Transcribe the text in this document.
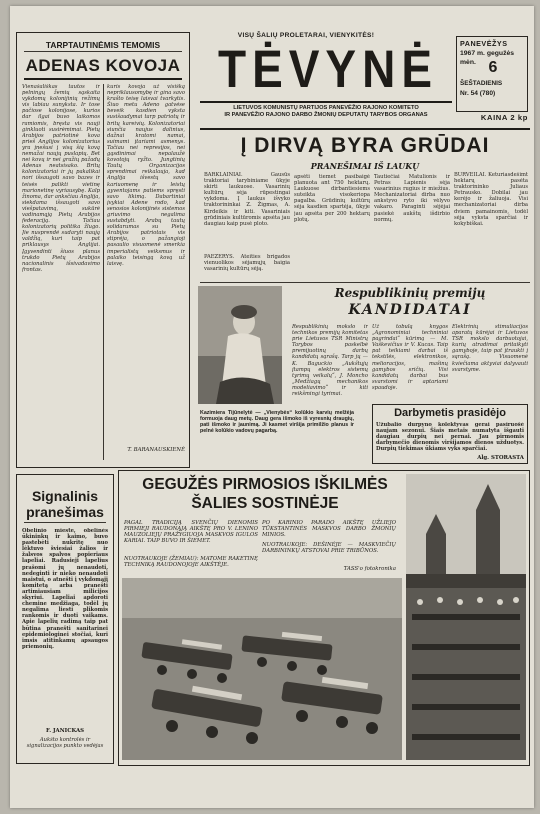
TARPTAUTINĖMIS TEMOMIS
ADENAS KOVOJA
Vienašališkas tautos ir pelningų žemių sąskaita vykdomų kolonijinių režimų vis labiau sunyksta. Ir tose pačiose kolonijose, kurios dar ilgai buvo laikomos ramiomis, bręsta vis nauji ginkluoti susirėmimai. Pietų Arabijos patriotinė kova prieš Anglijos kolonizatorius yra įnešusi į visą šią kovą nemažai naujų puslapių. Bet nei kovų ir nei gražių pažadų Adenas neatsisako. Britų kolonizatoriai ir jų pakalikai nori išsaugoti savo bazes ir teisės palikti vietinę marionetinę vyriausybę. Kalp žinoma, dar anksčiau Anglija, siekdama išsaugoti savo viešpatavimą, sukūrė vadinamąją Pietų Arabijos federaciją. Tačiau kolonizatorių politika žlugo. Jie nusprendė sudaryti naują valdžią, kuri taip pat priklausys Anglijai. Įgyvendinti šiuos planus trukdo Pietų Arabijos nacionalinis išsivadavimo frontas.
kuris kovoja už visišką nepriklausomybę ir gina savo krašto teisę laisvai tvarkytis. Šiuo metu Adeno gatvėse beveik kasdien vyksta susišaudymai tarp patriotų ir britų kareivių. Kolonizatoriai siunčia naujus dalinius, dažnai kratomi namai, suimami įtariami asmenys. Tačiau nei represijos, nei gąsdinimai nepalaužė kovotojų ryžto. Jungtinių Tautų Organizacijos sprendimai reikalauja, kad Anglija išvestų savo kariuomenę ir leistų gyventojams patiems spręsti savo likimą. Dabartiniai įvykiai Adene rodo, kad senosios kolonijinės sistemos griuvimo negalima sustabdyti. Arabų tautų solidarumas su Pietų Arabijos patriotais vis stiprėja, o pažangioji pasaulio visuomenė smerkia imperialistų veiksmus ir palaiko teisingą kovą už laisvę.
T. BARANAUSKIENĖ
Signalinis
pranešimas
Obelinio mieste, obelinės ūkininkų ir kaimo, buvo pastebėti nukritę nuo lėktuvo šviesiai žalios ir žalsvos spalvos popieriaus lapeliai. Radusieji lapelius prašomi jų nenaudoti, nedeginti ir nieko nenaudoti maistui, o atnešti į vykdomąjį komitetą arba pranešti artimiausiam milicijos skyriui. Lapeliai apdoroti chemine medžiaga, todėl jų negalima liesti plikomis rankomis ir duoti vaikams. Apie lapelių radimą taip pat būtina pranešti sanitarinei epidemiologinei stočiai, kuri imsis atitinkamų apsaugos priemonių.
F. JANICKAS
Aukšto kontrolės ir signalizacijos punkto vedėjas
VISŲ ŠALIŲ PROLETARAI, VIENYKITĖS!
TĖVYNĖ
LIETUVOS KOMUNISTŲ PARTIJOS PANEVĖŽIO RAJONO KOMITETO
IR PANEVĖŽIO RAJONO DARBO ŽMONIŲ DEPUTATŲ TARYBOS ORGANAS
PANEVĖŽYS
1967 m. gegužės mėn. 6
ŠEŠTADIENIS
Nr. 54 (780)
KAINA 2 kp
Į DIRVĄ BYRA GRŪDAI
PRANEŠIMAI IŠ LAUKŲ
BARKLAINIAI. Gausūs traktoriai tarybiniame ūkyje skirti laukuose. Vasarinių kultūrų sėja rūpestingai vykdoma. Į laukus išvyko traktorininkai Z. Žigmas, A. Kirdeikis ir kiti. Vasariniais grūdiniais kultūromis apsėta jau daugiau kaip pusė ploto.
PAEŽERYS. Ateities brigados vienuolikos sėjamųjų baigia vasarinių kultūrų sėją.
apsėti tiemet pasibaigė planuota ant 750 hektarų. Laukuose dirbantiesiems suteikta visokeriopa pagalba. Grūdinių kultūrų sėja kasdien spartėja, ūkyje jau apsėta per 200 hektarų plotų.
Tautiečiai Matulionis ir Petras Lapienis sėja vasarinius rugius ir miežius. Mechanizatoriai dirba nuo ankstyvo ryto iki vėlyvo vakaro. Paraginti sėjėjai pasiekė aukštų išdirbio normų.
BURVEILAI. Keturiasdešimt hektarų pasėta traktorininko Juliaus Petrausko. Dobilai jau kerėjo ir žaliuoja. Visi mechanizatoriai dirba dviem pamainomis, todėl sėja vyksta sparčiai ir kokybiškai.
Kazimiera Tijūnelytė — „Vienybės“ kolūkio karvių melžėja formuoja daug metų. Daug gera išmoko iš vyresnių draugių, pati išmoko ir jaunimą. Ji kasmet viršija primilžio planus ir pelnė kolūkio vadovų pagarbą.
Respublikinių premijų
KANDIDATAI
Respublikinių mokslo ir technikos premijų komitetas prie Lietuvos TSR Ministrų Tarybos paskelbė premijuotinų darbų kandidatų sąrašą. Tarp jų — K. Baguckio „Aukštųjų įtampų elektros sistemų tyrimų veikalų“, J. Moncho „Medžiagų mechanikos modeliavimo“ ir kiti reikšmingi tyrimai.
Už tobulą knygos „Agronominiai techniniai pagrindai“ kūrimą — M. Vaškevičius ir V. Kucas. Taip pat teikiami darbai iš tekstilės, elektronikos, melioracijos, mašinų gamybos sričių. Visi kandidatų darbai bus svarstomi ir aptariami spaudoje.
Elektrinių stimuliacijos aparatų kūrėjai ir Lietuvos TSR mokslo darbuotojai, kurių atradimai pritaikyti gamyboje, taip pat įtraukti į sąrašą. Visuomenė kviečiama aktyviai dalyvauti svarstyme.
Darbymetis prasidėjo
Užubalio durpyno kolektyvas gerai pasiruošė naujam sezonui. Šiais metais numatyta išgauti daugiau durpių nei pernai. Jau pirmomis darbymečio dienomis viršijamos dienos užduotys. Durpių tiekimas ūkiams vyks sparčiai.
Alg. STORASTA
GEGUŽĖS PIRMOSIOS IŠKILMĖS
ŠALIES SOSTINĖJE
PAGAL TRADICIJĄ SVENČIŲ DIENOMIS PIRMIEJI RAUDONĄJĄ AIKŠTĘ PRO V. LENINO MAUZOLIEJŲ PRAŽYGIUOJA MASKVOS IGULOS KARIAI. TAIP BUVO IR ŠIEMET.
NUOTRAUKOJE (ŽEMIAU): MATOME RAKETINĘ TECHNIKĄ RAUDONOJOJE AIKŠTĖJE.
PO KARINIO PARADO AIKŠTĘ UŽLIEJO TŪKSTANTINĖS MASKVOS DARBO ŽMONIŲ MINIOS.
NUOTRAUKOJE: DEŠINĖJE — MASKVIEČIŲ DARBININKŲ ATSTOVAI PRIE TRIBŪNOS.
TASS'o fotokronika
